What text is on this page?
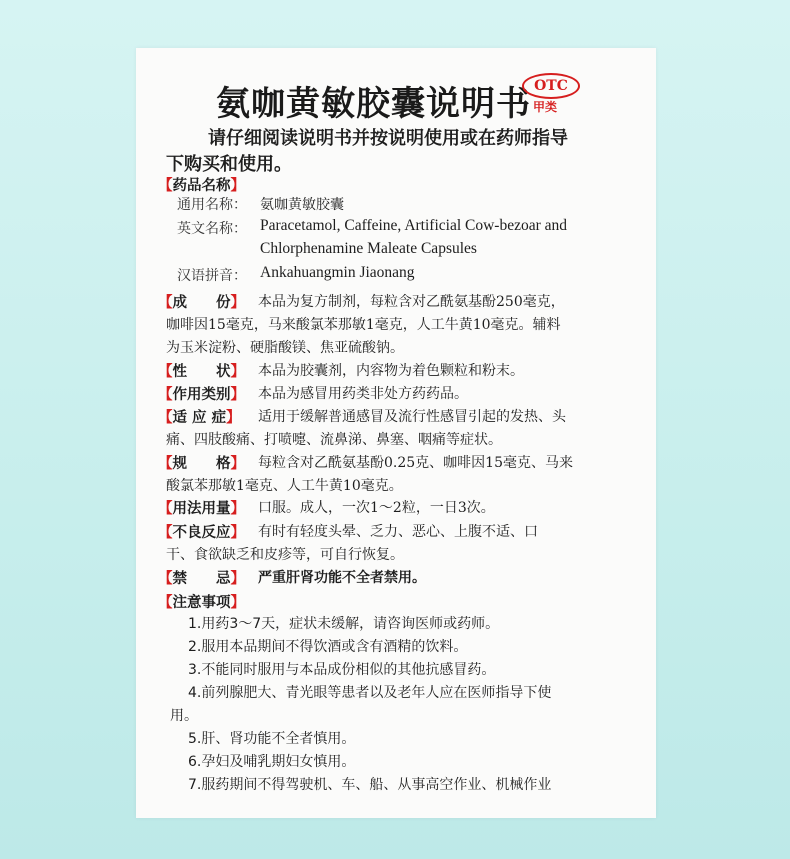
氨咖黄敏胶囊说明书 OTC
甲类
请仔细阅读说明书并按说明使用或在药师指导
下购买和使用。
【药品名称】
通用名称： 氨咖黄敏胶囊
英文名称： Paracetamol, Caffeine, Artificial Cow-bezoar and
Chlorphenamine Maleate Capsules
汉语拼音： Ankahuangmin Jiaonang
【成　　份】 本品为复方制剂，每粒含对乙酰氨基酚250毫克，
咖啡因15毫克，马来酸氯苯那敏1毫克，人工牛黄10毫克。辅料
为玉米淀粉、硬脂酸镁、焦亚硫酸钠。
【性　　状】 本品为胶囊剂，内容物为着色颗粒和粉末。
【作用类别】 本品为感冒用药类非处方药药品。
【适 应 症】 适用于缓解普通感冒及流行性感冒引起的发热、头
痛、四肢酸痛、打喷嚏、流鼻涕、鼻塞、咽痛等症状。
【规　　格】 每粒含对乙酰氨基酚0.25克、咖啡因15毫克、马来
酸氯苯那敏1毫克、人工牛黄10毫克。
【用法用量】 口服。成人，一次1～2粒，一日3次。
【不良反应】 有时有轻度头晕、乏力、恶心、上腹不适、口
干、食欲缺乏和皮疹等，可自行恢复。
【禁　　忌】 严重肝肾功能不全者禁用。
【注意事项】
1.用药3～7天，症状未缓解，请咨询医师或药师。
2.服用本品期间不得饮酒或含有酒精的饮料。
3.不能同时服用与本品成份相似的其他抗感冒药。
4.前列腺肥大、青光眼等患者以及老年人应在医师指导下使
用。
5.肝、肾功能不全者慎用。
6.孕妇及哺乳期妇女慎用。
7.服药期间不得驾驶机、车、船、从事高空作业、机械作业
